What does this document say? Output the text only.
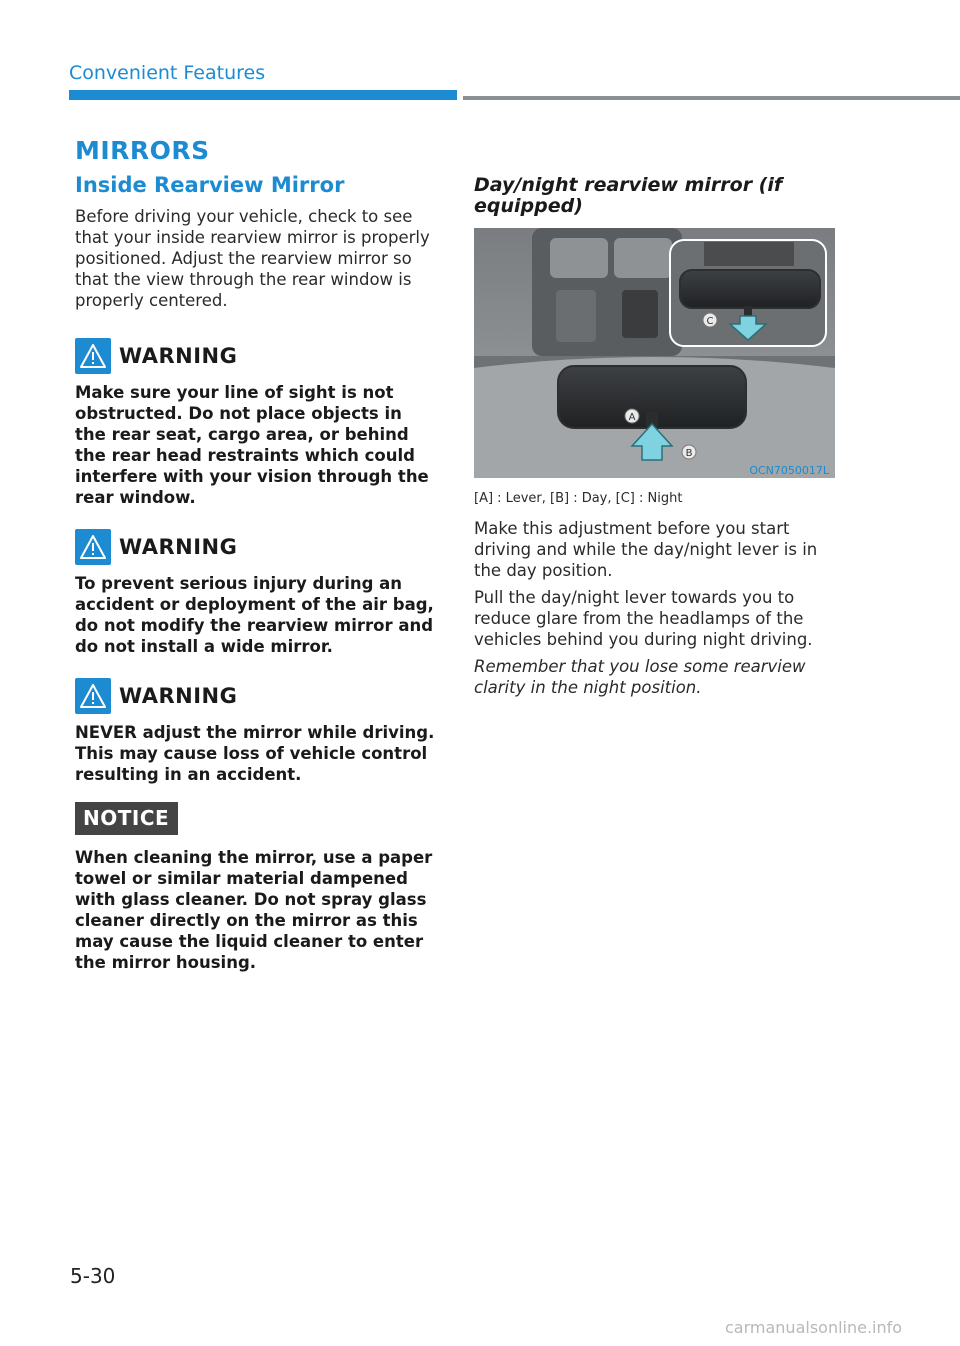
Convenient Features
MIRRORS
Inside Rearview Mirror

Before driving your vehicle, check to see that your inside rearview mirror is properly positioned. Adjust the rearview mirror so that the view through the rear window is properly centered.

WARNING

Make sure your line of sight is not obstructed. Do not place objects in the rear seat, cargo area, or behind the rear head restraints which could interfere with your vision through the rear window.

WARNING

To prevent serious injury during an accident or deployment of the air bag, do not modify the rearview mirror and do not install a wide mirror.

WARNING

NEVER adjust the mirror while driving. This may cause loss of vehicle control resulting in an accident.

NOTICE

When cleaning the mirror, use a paper towel or similar material dampened with glass cleaner. Do not spray glass cleaner directly on the mirror as this may cause the liquid cleaner to enter the mirror housing.

Day/night rearview mirror (if equipped)
A
B
C
OCN7050017L
[A] : Lever, [B] : Day, [C] : Night

Make this adjustment before you start driving and while the day/night lever is in the day position.

Pull the day/night lever towards you to reduce glare from the headlamps of the vehicles behind you during night driving.

Remember that you lose some rearview clarity in the night position.

5-30
carmanualsonline.info
